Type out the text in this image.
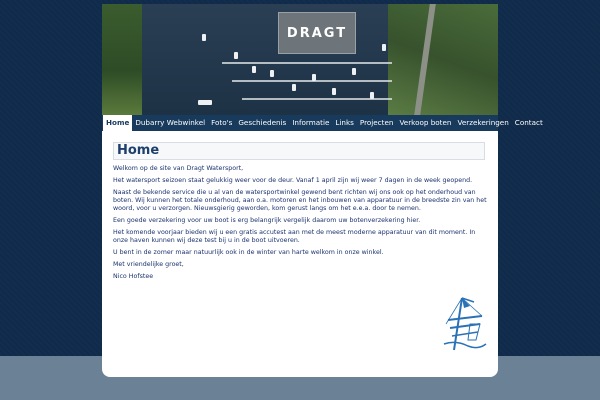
DRAGT
Home Dubarry Webwinkel Foto's Geschiedenis Informatie Links Projecten Verkoop boten Verzekeringen Contact
Home

Welkom op de site van Dragt Watersport,

Het watersport seizoen staat gelukkig weer voor de deur. Vanaf 1 april zijn wij weer 7 dagen in de week geopend.

Naast de bekende service die u al van de watersportwinkel gewend bent richten wij ons ook op het onderhoud van boten. Wij kunnen het totale onderhoud, aan o.a. motoren en het inbouwen van apparatuur in de breedste zin van het woord, voor u verzorgen. Nieuwsgierig geworden, kom gerust langs om het e.e.a. door te nemen.

Een goede verzekering voor uw boot is erg belangrijk vergelijk daarom uw botenverzekering hier.

Het komende voorjaar bieden wij u een gratis accutest aan met de meest moderne apparatuur van dit moment. In onze haven kunnen wij deze test bij u in de boot uitvoeren.

U bent in de zomer maar natuurlijk ook in de winter van harte welkom in onze winkel.

Met vriendelijke groet,

Nico Hofstee
